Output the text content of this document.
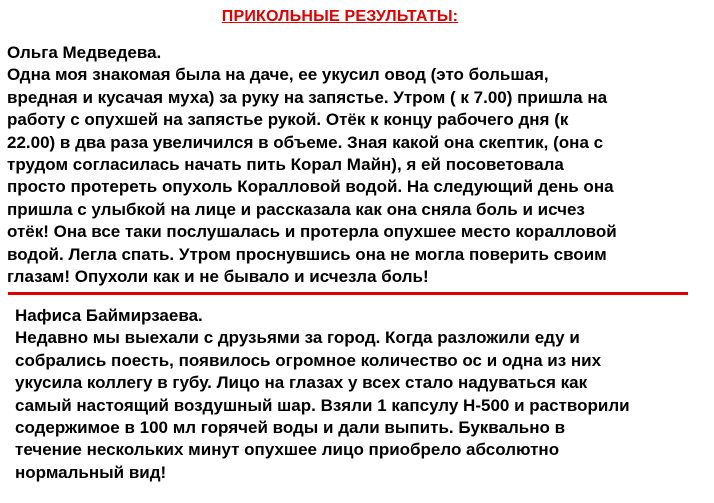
ПРИКОЛЬНЫЕ РЕЗУЛЬТАТЫ:
Ольга Медведева.
Одна моя знакомая была на даче, ее укусил овод (это большая,
вредная и кусачая муха) за руку на запястье. Утром ( к 7.00) пришла на
работу с опухшей на запястье рукой. Отёк к концу рабочего дня (к
22.00) в два раза увеличился в объеме. Зная какой она скептик, (она с
трудом согласилась начать пить Корал Майн), я ей посоветовала
просто протереть опухоль Коралловой водой. На следующий день она
пришла с улыбкой на лице и рассказала как она сняла боль и исчез
отёк! Она все таки послушалась и протерла опухшее место коралловой
водой. Легла спать. Утром проснувшись она не могла поверить своим
глазам! Опухоли как и не бывало и исчезла боль!
Нафиса Баймирзаева.
Недавно мы выехали с друзьями за город. Когда разложили еду и
собрались поесть, появилось огромное количество ос и одна из них
укусила коллегу в губу. Лицо на глазах у всех стало надуваться как
самый настоящий воздушный шар. Взяли 1 капсулу Н-500 и растворили
содержимое в 100 мл горячей воды и дали выпить. Буквально в
течение нескольких минут опухшее лицо приобрело абсолютно
нормальный вид!
